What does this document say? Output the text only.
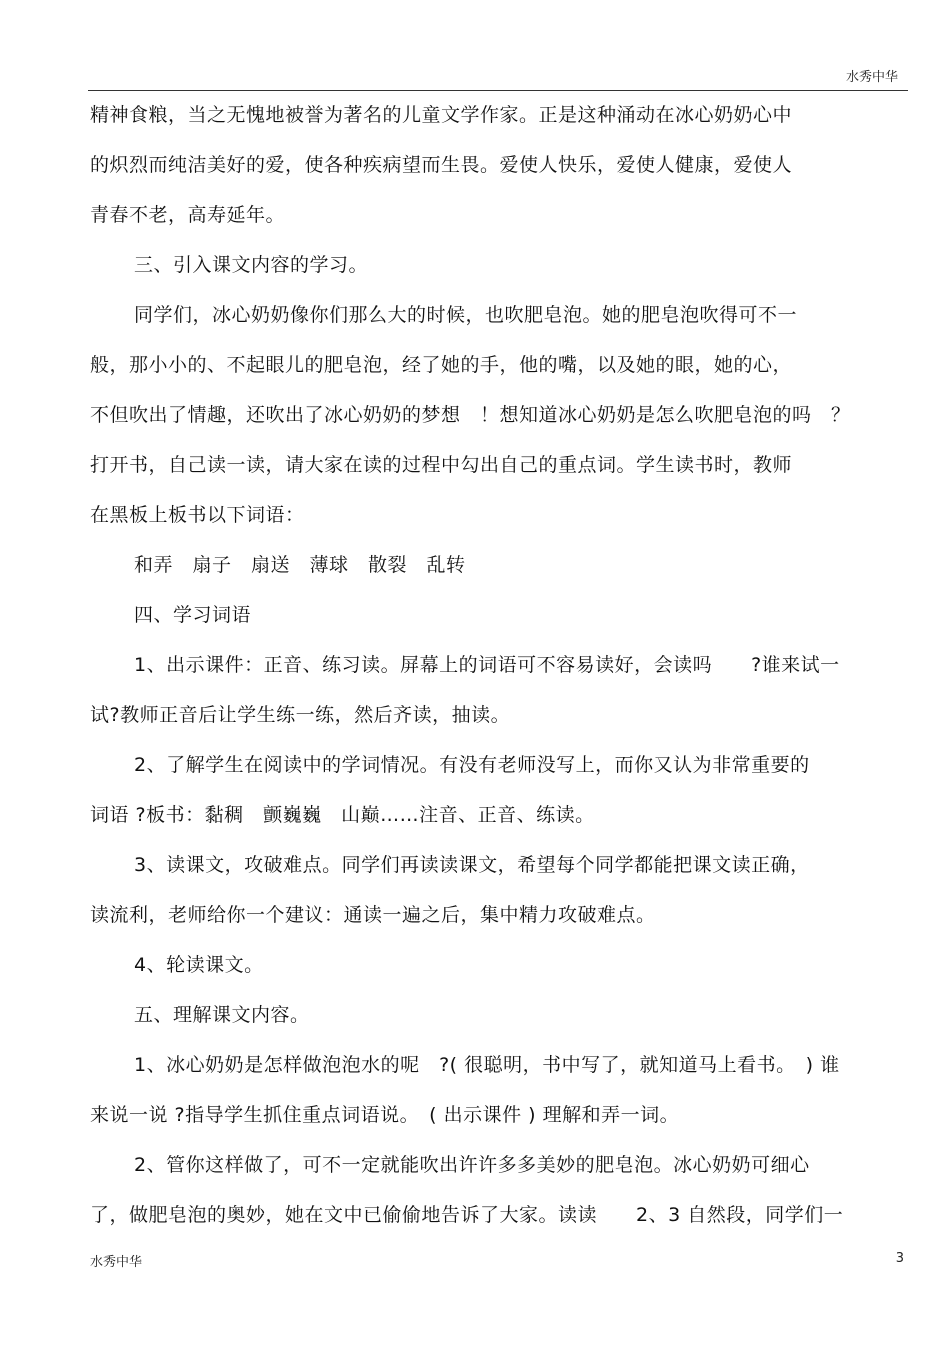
水秀中华
精神食粮，当之无愧地被誉为著名的儿童文学作家。正是这种涌动在冰心奶奶心中
的炽烈而纯洁美好的爱，使各种疾病望而生畏。爱使人快乐，爱使人健康，爱使人
青春不老，高寿延年。
三、引入课文内容的学习。
同学们，冰心奶奶像你们那么大的时候，也吹肥皂泡。她的肥皂泡吹得可不一
般，那小小的、不起眼儿的肥皂泡，经了她的手，他的嘴，以及她的眼，她的心，
不但吹出了情趣，还吹出了冰心奶奶的梦想　！想知道冰心奶奶是怎么吹肥皂泡的吗　？
打开书，自己读一读，请大家在读的过程中勾出自己的重点词。学生读书时，教师
在黑板上板书以下词语：
和弄　扇子　扇送　薄球　散裂　乱转
四、学习词语
1、出示课件：正音、练习读。屏幕上的词语可不容易读好，会读吗　　?谁来试一
试?教师正音后让学生练一练，然后齐读，抽读。
2、了解学生在阅读中的学词情况。有没有老师没写上，而你又认为非常重要的
词语 ?板书：黏稠　颤巍巍　山巅……注音、正音、练读。
3、读课文，攻破难点。同学们再读读课文，希望每个同学都能把课文读正确，
读流利，老师给你一个建议：通读一遍之后，集中精力攻破难点。
4、轮读课文。
五、理解课文内容。
1、冰心奶奶是怎样做泡泡水的呢　?( 很聪明，书中写了，就知道马上看书。　) 谁
来说一说 ?指导学生抓住重点词语说。　( 出示课件 ) 理解和弄一词。
2、管你这样做了，可不一定就能吹出许许多多美妙的肥皂泡。冰心奶奶可细心
了，做肥皂泡的奥妙，她在文中已偷偷地告诉了大家。读读　　2、3 自然段，同学们一
水秀中华	3
